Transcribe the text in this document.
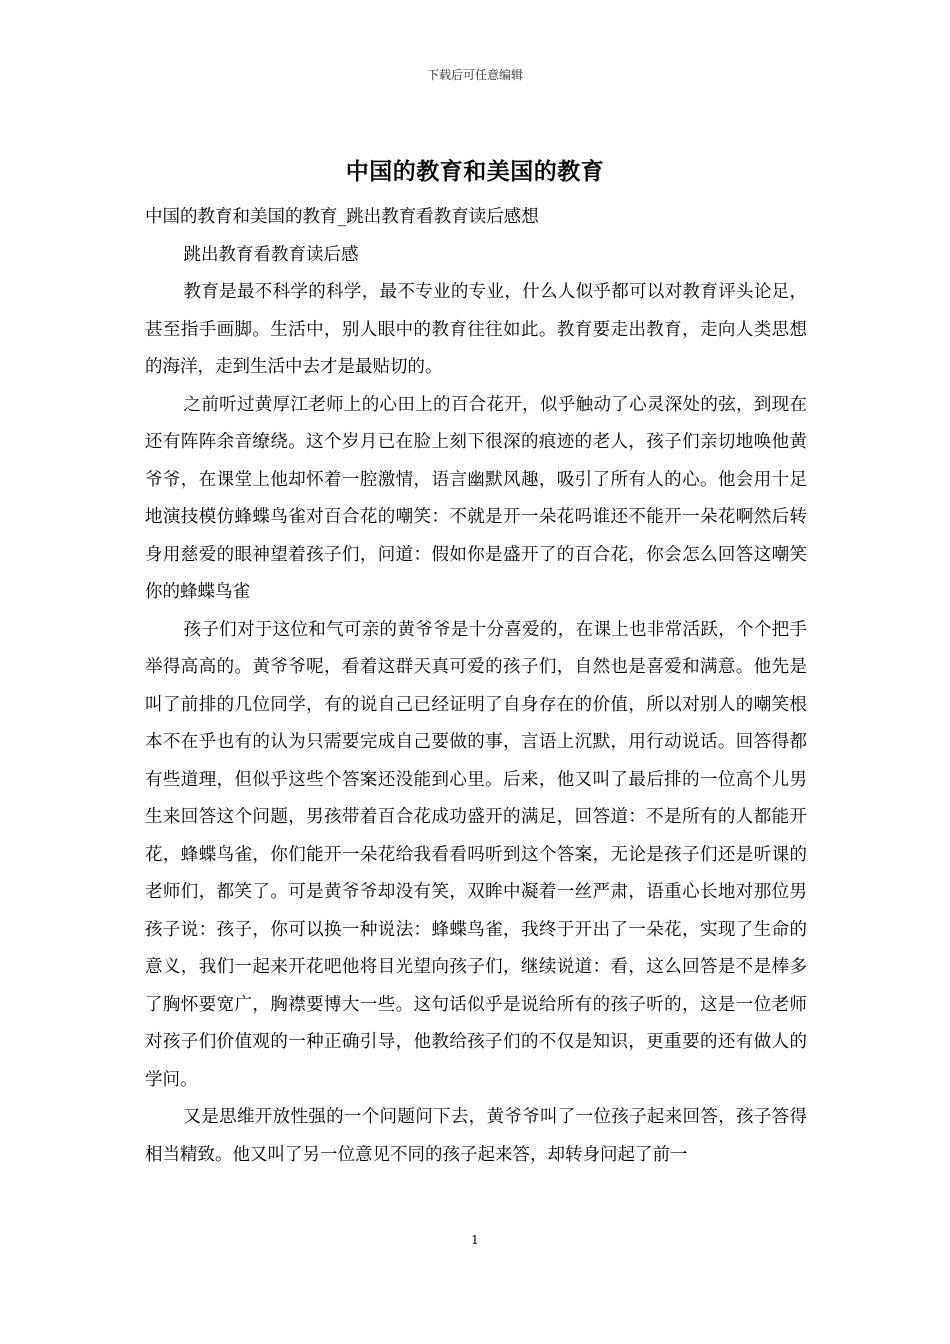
下载后可任意编辑
中国的教育和美国的教育

中国的教育和美国的教育_跳出教育看教育读后感想

跳出教育看教育读后感

教育是最不科学的科学，最不专业的专业，什么人似乎都可以对教育评头论足，甚至指手画脚。生活中，别人眼中的教育往往如此。教育要走出教育，走向人类思想的海洋，走到生活中去才是最贴切的。

之前听过黄厚江老师上的心田上的百合花开，似乎触动了心灵深处的弦，到现在还有阵阵余音缭绕。这个岁月已在脸上刻下很深的痕迹的老人，孩子们亲切地唤他黄爷爷，在课堂上他却怀着一腔激情，语言幽默风趣，吸引了所有人的心。他会用十足地演技模仿蜂蝶鸟雀对百合花的嘲笑：不就是开一朵花吗谁还不能开一朵花啊然后转身用慈爱的眼神望着孩子们，问道：假如你是盛开了的百合花，你会怎么回答这嘲笑你的蜂蝶鸟雀

孩子们对于这位和气可亲的黄爷爷是十分喜爱的，在课上也非常活跃，个个把手举得高高的。黄爷爷呢，看着这群天真可爱的孩子们，自然也是喜爱和满意。他先是叫了前排的几位同学，有的说自己已经证明了自身存在的价值，所以对别人的嘲笑根本不在乎也有的认为只需要完成自己要做的事，言语上沉默，用行动说话。回答得都有些道理，但似乎这些个答案还没能到心里。后来，他又叫了最后排的一位高个儿男生来回答这个问题，男孩带着百合花成功盛开的满足，回答道：不是所有的人都能开花，蜂蝶鸟雀，你们能开一朵花给我看看吗听到这个答案，无论是孩子们还是听课的老师们，都笑了。可是黄爷爷却没有笑，双眸中凝着一丝严肃，语重心长地对那位男孩子说：孩子，你可以换一种说法：蜂蝶鸟雀，我终于开出了一朵花，实现了生命的意义，我们一起来开花吧他将目光望向孩子们，继续说道：看，这么回答是不是棒多了胸怀要宽广，胸襟要博大一些。这句话似乎是说给所有的孩子听的，这是一位老师对孩子们价值观的一种正确引导，他教给孩子们的不仅是知识，更重要的还有做人的学问。

又是思维开放性强的一个问题问下去，黄爷爷叫了一位孩子起来回答，孩子答得相当精致。他又叫了另一位意见不同的孩子起来答，却转身问起了前一

1
